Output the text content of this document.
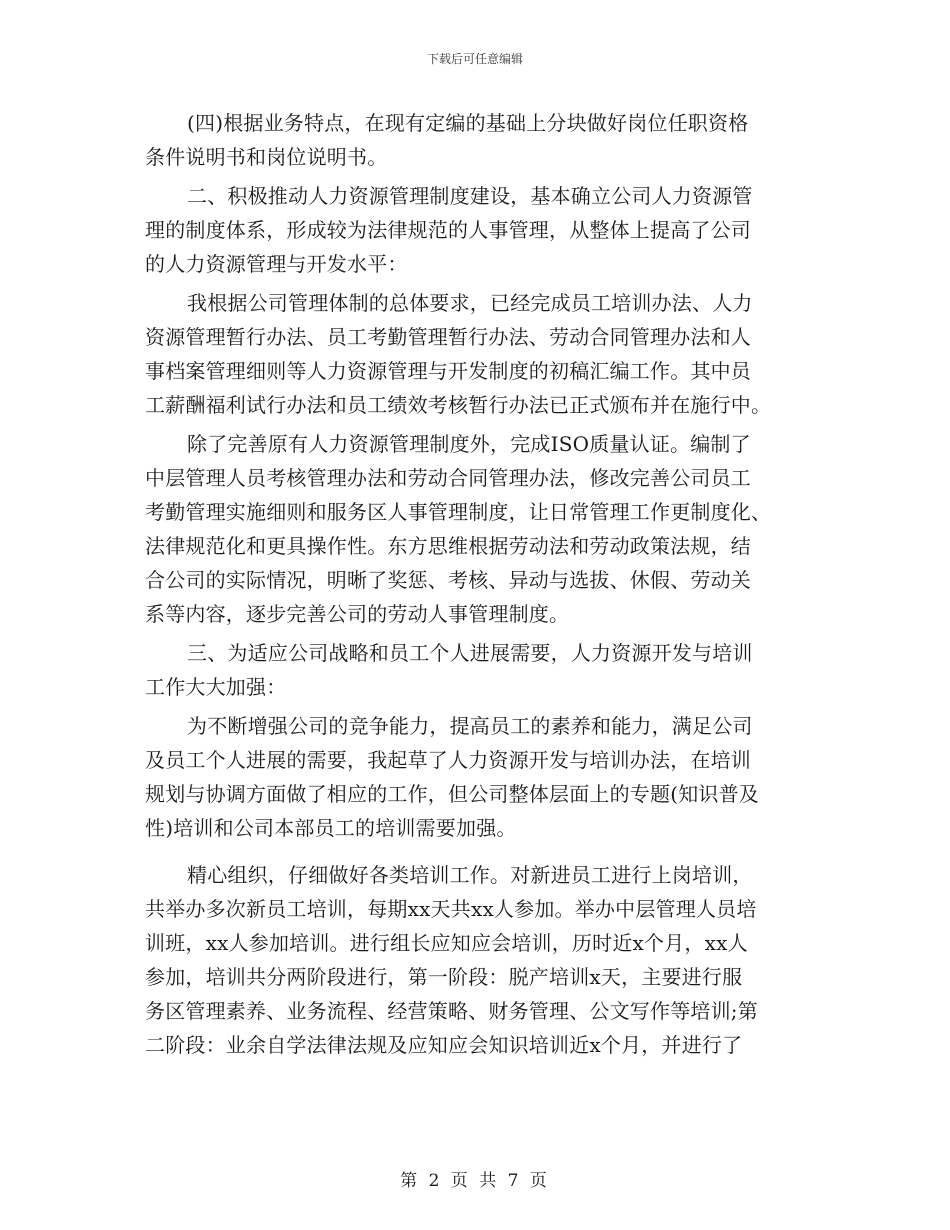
下载后可任意编辑
(四)根据业务特点，在现有定编的基础上分块做好岗位任职资格
条件说明书和岗位说明书。
二、积极推动人力资源管理制度建设，基本确立公司人力资源管
理的制度体系，形成较为法律规范的人事管理，从整体上提高了公司
的人力资源管理与开发水平：
我根据公司管理体制的总体要求，已经完成员工培训办法、人力
资源管理暂行办法、员工考勤管理暂行办法、劳动合同管理办法和人
事档案管理细则等人力资源管理与开发制度的初稿汇编工作。其中员
工薪酬福利试行办法和员工绩效考核暂行办法已正式颁布并在施行中。
除了完善原有人力资源管理制度外，完成ISO质量认证。编制了
中层管理人员考核管理办法和劳动合同管理办法，修改完善公司员工
考勤管理实施细则和服务区人事管理制度，让日常管理工作更制度化、
法律规范化和更具操作性。东方思维根据劳动法和劳动政策法规，结
合公司的实际情况，明晰了奖惩、考核、异动与选拔、休假、劳动关
系等内容，逐步完善公司的劳动人事管理制度。
三、为适应公司战略和员工个人进展需要，人力资源开发与培训
工作大大加强：
为不断增强公司的竞争能力，提高员工的素养和能力，满足公司
及员工个人进展的需要，我起草了人力资源开发与培训办法，在培训
规划与协调方面做了相应的工作，但公司整体层面上的专题(知识普及
性)培训和公司本部员工的培训需要加强。
精心组织，仔细做好各类培训工作。对新进员工进行上岗培训，
共举办多次新员工培训，每期xx天共xx人参加。举办中层管理人员培
训班，xx人参加培训。进行组长应知应会培训，历时近x个月，xx人
参加，培训共分两阶段进行，第一阶段：脱产培训x天，主要进行服
务区管理素养、业务流程、经营策略、财务管理、公文写作等培训;第
二阶段：业余自学法律法规及应知应会知识培训近x个月，并进行了
第 2 页 共 7 页
